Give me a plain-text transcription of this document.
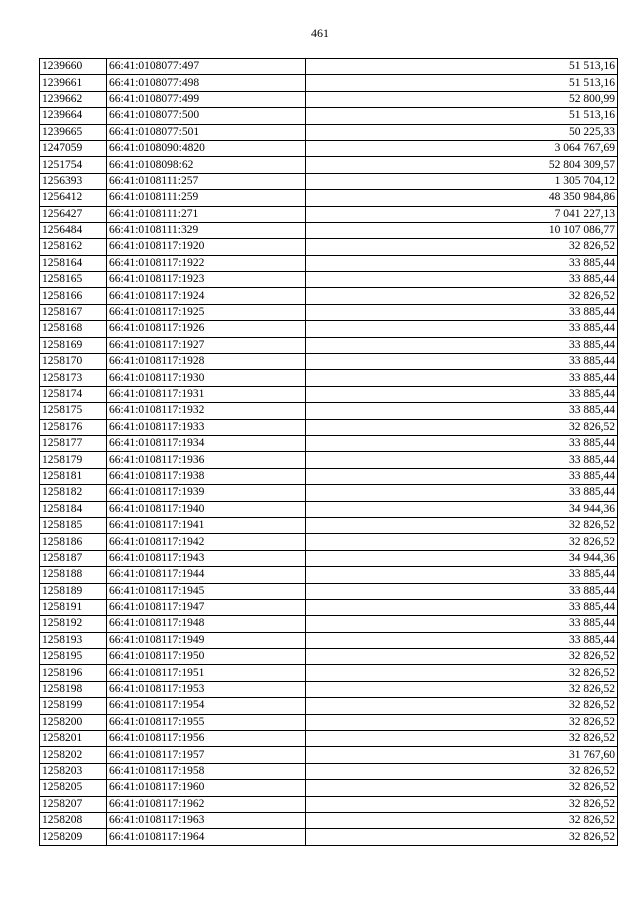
461
1239660	66:41:0108077:497	51 513,16
1239661	66:41:0108077:498	51 513,16
1239662	66:41:0108077:499	52 800,99
1239664	66:41:0108077:500	51 513,16
1239665	66:41:0108077:501	50 225,33
1247059	66:41:0108090:4820	3 064 767,69
1251754	66:41:0108098:62	52 804 309,57
1256393	66:41:0108111:257	1 305 704,12
1256412	66:41:0108111:259	48 350 984,86
1256427	66:41:0108111:271	7 041 227,13
1256484	66:41:0108111:329	10 107 086,77
1258162	66:41:0108117:1920	32 826,52
1258164	66:41:0108117:1922	33 885,44
1258165	66:41:0108117:1923	33 885,44
1258166	66:41:0108117:1924	32 826,52
1258167	66:41:0108117:1925	33 885,44
1258168	66:41:0108117:1926	33 885,44
1258169	66:41:0108117:1927	33 885,44
1258170	66:41:0108117:1928	33 885,44
1258173	66:41:0108117:1930	33 885,44
1258174	66:41:0108117:1931	33 885,44
1258175	66:41:0108117:1932	33 885,44
1258176	66:41:0108117:1933	32 826,52
1258177	66:41:0108117:1934	33 885,44
1258179	66:41:0108117:1936	33 885,44
1258181	66:41:0108117:1938	33 885,44
1258182	66:41:0108117:1939	33 885,44
1258184	66:41:0108117:1940	34 944,36
1258185	66:41:0108117:1941	32 826,52
1258186	66:41:0108117:1942	32 826,52
1258187	66:41:0108117:1943	34 944,36
1258188	66:41:0108117:1944	33 885,44
1258189	66:41:0108117:1945	33 885,44
1258191	66:41:0108117:1947	33 885,44
1258192	66:41:0108117:1948	33 885,44
1258193	66:41:0108117:1949	33 885,44
1258195	66:41:0108117:1950	32 826,52
1258196	66:41:0108117:1951	32 826,52
1258198	66:41:0108117:1953	32 826,52
1258199	66:41:0108117:1954	32 826,52
1258200	66:41:0108117:1955	32 826,52
1258201	66:41:0108117:1956	32 826,52
1258202	66:41:0108117:1957	31 767,60
1258203	66:41:0108117:1958	32 826,52
1258205	66:41:0108117:1960	32 826,52
1258207	66:41:0108117:1962	32 826,52
1258208	66:41:0108117:1963	32 826,52
1258209	66:41:0108117:1964	32 826,52
